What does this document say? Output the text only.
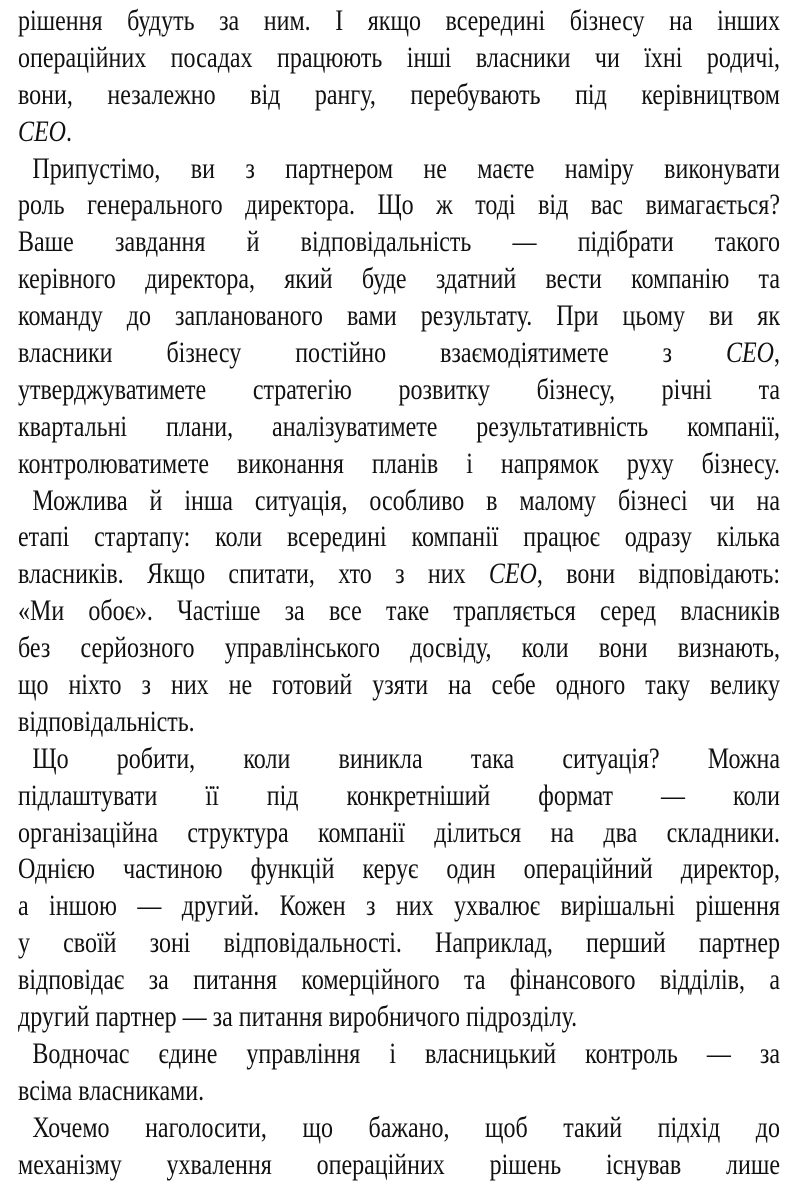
рішення будуть за ним. І якщо всередині бізнесу на інших
операційних посадах працюють інші власники чи їхні родичі,
вони, незалежно від рангу, перебувають під керівництвом
CEO.
Припустімо, ви з партнером не маєте наміру виконувати
роль генерального директора. Що ж тоді від вас вимагається?
Ваше завдання й відповідальність — підібрати такого
керівного директора, який буде здатний вести компанію та
команду до запланованого вами результату. При цьому ви як
власники бізнесу постійно взаємодіятимете з CEO,
утверджуватимете стратегію розвитку бізнесу, річні та
квартальні плани, аналізуватимете результативність компанії,
контролюватимете виконання планів і напрямок руху бізнесу.
Можлива й інша ситуація, особливо в малому бізнесі чи на
етапі стартапу: коли всередині компанії працює одразу кілька
власників. Якщо спитати, хто з них CEO, вони відповідають:
«Ми обоє». Частіше за все таке трапляється серед власників
без серйозного управлінського досвіду, коли вони визнають,
що ніхто з них не готовий узяти на себе одного таку велику
відповідальність.
Що робити, коли виникла така ситуація? Можна
підлаштувати її під конкретніший формат — коли
організаційна структура компанії ділиться на два складники.
Однією частиною функцій керує один операційний директор,
а іншою — другий. Кожен з них ухвалює вирішальні рішення
у своїй зоні відповідальності. Наприклад, перший партнер
відповідає за питання комерційного та фінансового відділів, а
другий партнер — за питання виробничого підрозділу.
Водночас єдине управління і власницький контроль — за
всіма власниками.
Хочемо наголосити, що бажано, щоб такий підхід до
механізму ухвалення операційних рішень існував лише
